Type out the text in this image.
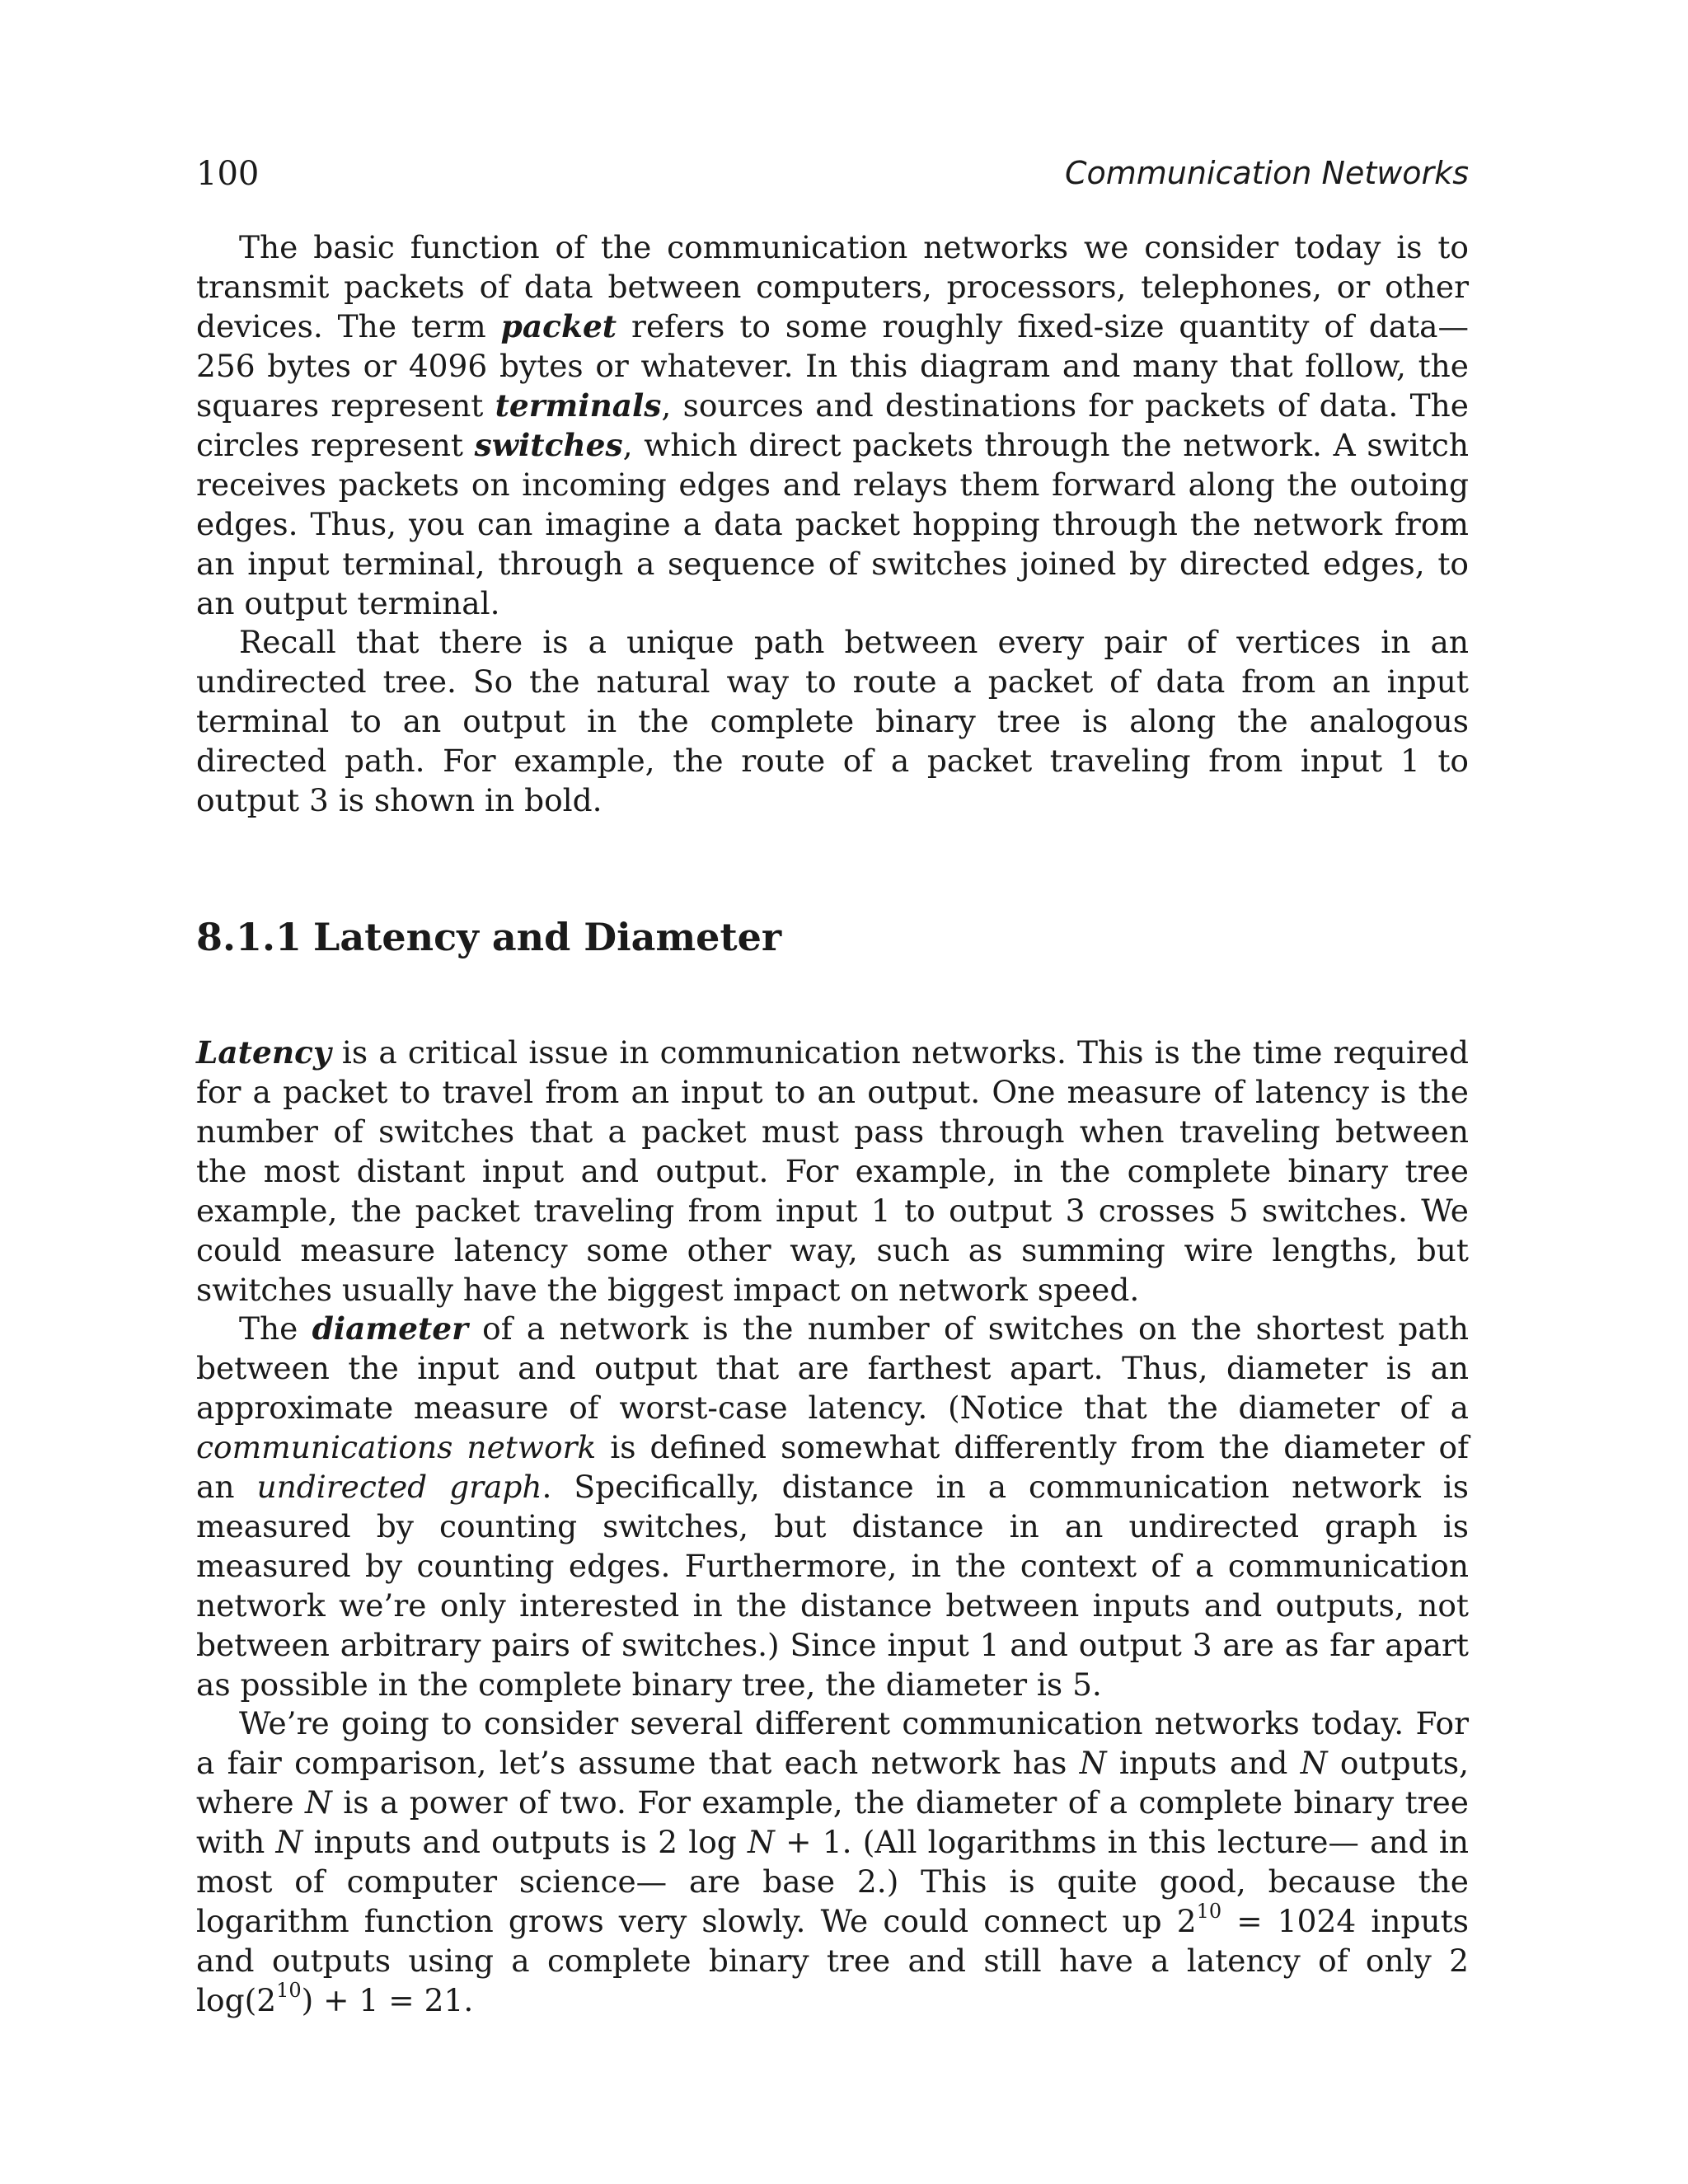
100	Communication Networks
The basic function of the communication networks we consider today is to transmit packets of data between computers, processors, telephones, or other devices. The term packet refers to some roughly fixed-size quantity of data— 256 bytes or 4096 bytes or whatever. In this diagram and many that follow, the squares represent terminals, sources and destinations for packets of data. The circles represent switches, which direct packets through the network. A switch receives packets on incoming edges and relays them forward along the outoing edges. Thus, you can imagine a data packet hopping through the network from an input terminal, through a sequence of switches joined by directed edges, to an output terminal.
Recall that there is a unique path between every pair of vertices in an undirected tree. So the natural way to route a packet of data from an input terminal to an output in the complete binary tree is along the analogous directed path. For example, the route of a packet traveling from input 1 to output 3 is shown in bold.
8.1.1 Latency and Diameter
Latency is a critical issue in communication networks. This is the time required for a packet to travel from an input to an output. One measure of latency is the number of switches that a packet must pass through when traveling between the most distant input and output. For example, in the complete binary tree example, the packet traveling from input 1 to output 3 crosses 5 switches. We could measure latency some other way, such as summing wire lengths, but switches usually have the biggest impact on network speed.
The diameter of a network is the number of switches on the shortest path between the input and output that are farthest apart. Thus, diameter is an approximate measure of worst-case latency. (Notice that the diameter of a communications network is defined somewhat differently from the diameter of an undirected graph. Specifically, distance in a communication network is measured by counting switches, but distance in an undirected graph is measured by counting edges. Furthermore, in the context of a communication network we’re only interested in the distance between inputs and outputs, not between arbitrary pairs of switches.) Since input 1 and output 3 are as far apart as possible in the complete binary tree, the diameter is 5.
We’re going to consider several different communication networks today. For a fair comparison, let’s assume that each network has N inputs and N outputs, where N is a power of two. For example, the diameter of a complete binary tree with N inputs and outputs is 2 log N + 1. (All logarithms in this lecture— and in most of computer science— are base 2.) This is quite good, because the logarithm function grows very slowly. We could connect up $2^{10} = 1024$ inputs and outputs using a complete binary tree and still have a latency of only 2 $\log(2^{10}) + 1 = 21$.
